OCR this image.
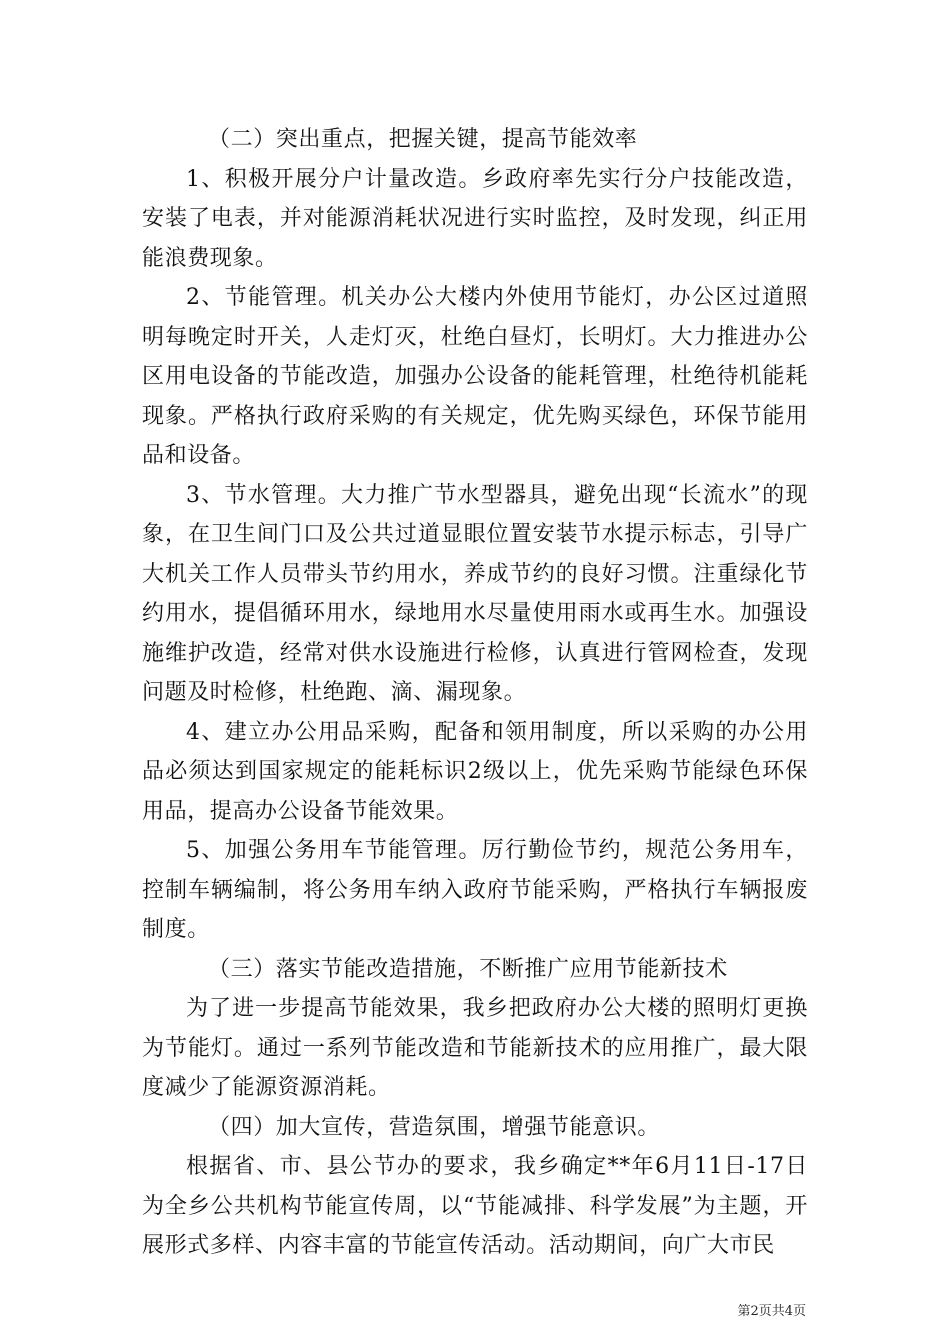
（二）突出重点，把握关键，提高节能效率

1、积极开展分户计量改造。乡政府率先实行分户技能改造，安装了电表，并对能源消耗状况进行实时监控，及时发现，纠正用能浪费现象。

2、节能管理。机关办公大楼内外使用节能灯，办公区过道照明每晚定时开关，人走灯灭，杜绝白昼灯，长明灯。大力推进办公区用电设备的节能改造，加强办公设备的能耗管理，杜绝待机能耗现象。严格执行政府采购的有关规定，优先购买绿色，环保节能用品和设备。

3、节水管理。大力推广节水型器具，避免出现“长流水”的现象，在卫生间门口及公共过道显眼位置安装节水提示标志，引导广大机关工作人员带头节约用水，养成节约的良好习惯。注重绿化节约用水，提倡循环用水，绿地用水尽量使用雨水或再生水。加强设施维护改造，经常对供水设施进行检修，认真进行管网检查，发现问题及时检修，杜绝跑、滴、漏现象。

4、建立办公用品采购，配备和领用制度，所以采购的办公用品必须达到国家规定的能耗标识2级以上，优先采购节能绿色环保用品，提高办公设备节能效果。

5、加强公务用车节能管理。厉行勤俭节约，规范公务用车，控制车辆编制，将公务用车纳入政府节能采购，严格执行车辆报废制度。

（三）落实节能改造措施，不断推广应用节能新技术

为了进一步提高节能效果，我乡把政府办公大楼的照明灯更换为节能灯。通过一系列节能改造和节能新技术的应用推广，最大限度减少了能源资源消耗。

（四）加大宣传，营造氛围，增强节能意识。

根据省、市、县公节办的要求，我乡确定**年6月11日-17日为全乡公共机构节能宣传周，以“节能减排、科学发展”为主题，开展形式多样、内容丰富的节能宣传活动。活动期间，向广大市民

第2页共4页
